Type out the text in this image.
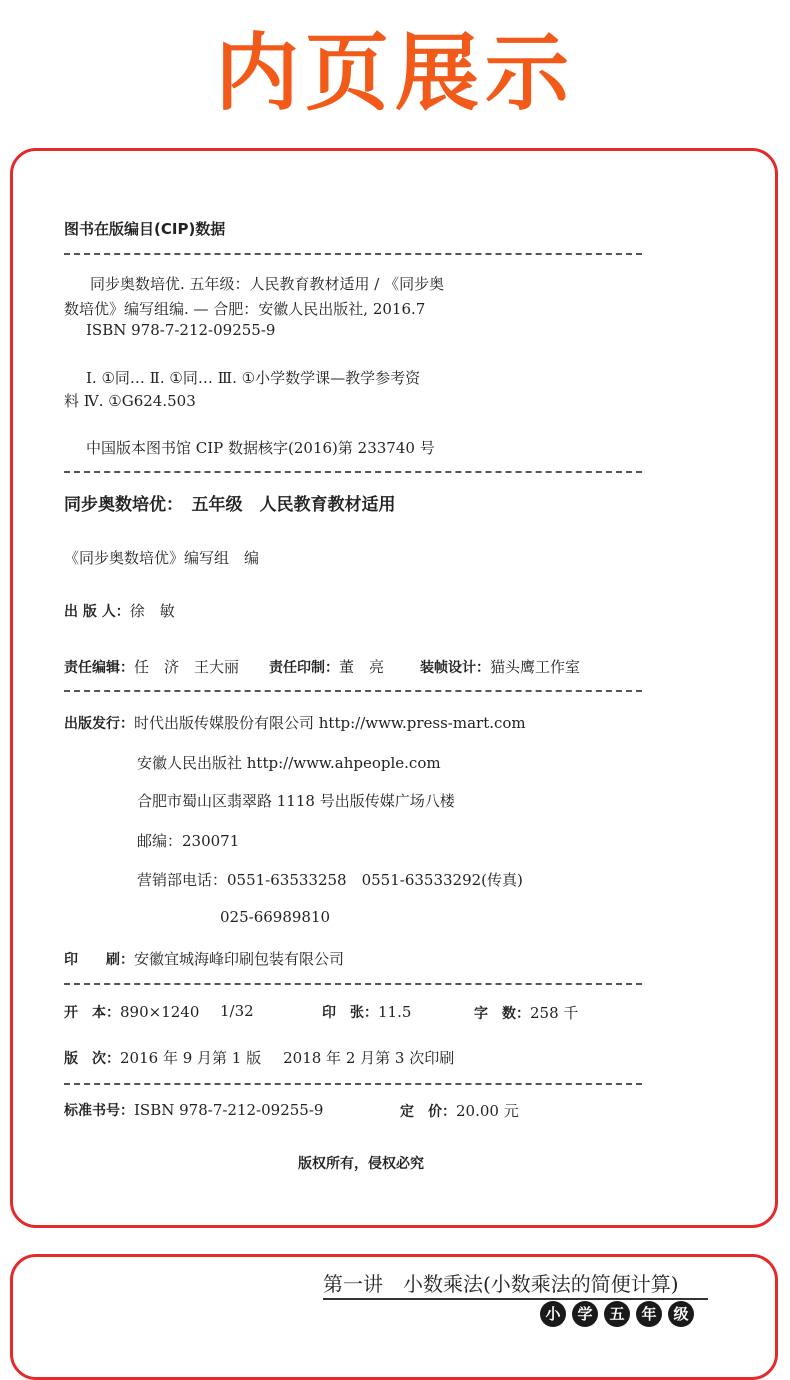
内页展示
图书在版编目(CIP)数据
同步奥数培优. 五年级：人民教育教材适用 / 《同步奥
数培优》编写组编. — 合肥：安徽人民出版社, 2016.7
ISBN 978-7-212-09255-9
Ⅰ. ①同… Ⅱ. ①同… Ⅲ. ①小学数学课—教学参考资
料 Ⅳ. ①G624.503
中国版本图书馆 CIP 数据核字(2016)第 233740 号
同步奥数培优：　五年级　人民教育教材适用
《同步奥数培优》编写组　编
出 版 人：徐　敏
责任编辑：任　济　王大丽 责任印制：董　亮	装帧设计：猫头鹰工作室
出版发行：时代出版传媒股份有限公司 http://www.press-mart.com
安徽人民出版社 http://www.ahpeople.com
合肥市蜀山区翡翠路 1118 号出版传媒广场八楼
邮编：230071
营销部电话：0551-63533258　0551-63533292(传真)
025-66989810
印　　刷：安徽宜城海峰印刷包装有限公司
开　本：890×1240 1/32	印　张：11.5	字　数：258 千
版　次：2016 年 9 月第 1 版 2018 年 2 月第 3 次印刷
标准书号：ISBN 978-7-212-09255-9	定　价：20.00 元
版权所有，侵权必究
第一讲　小数乘法(小数乘法的简便计算)
小	学	五	年	级
